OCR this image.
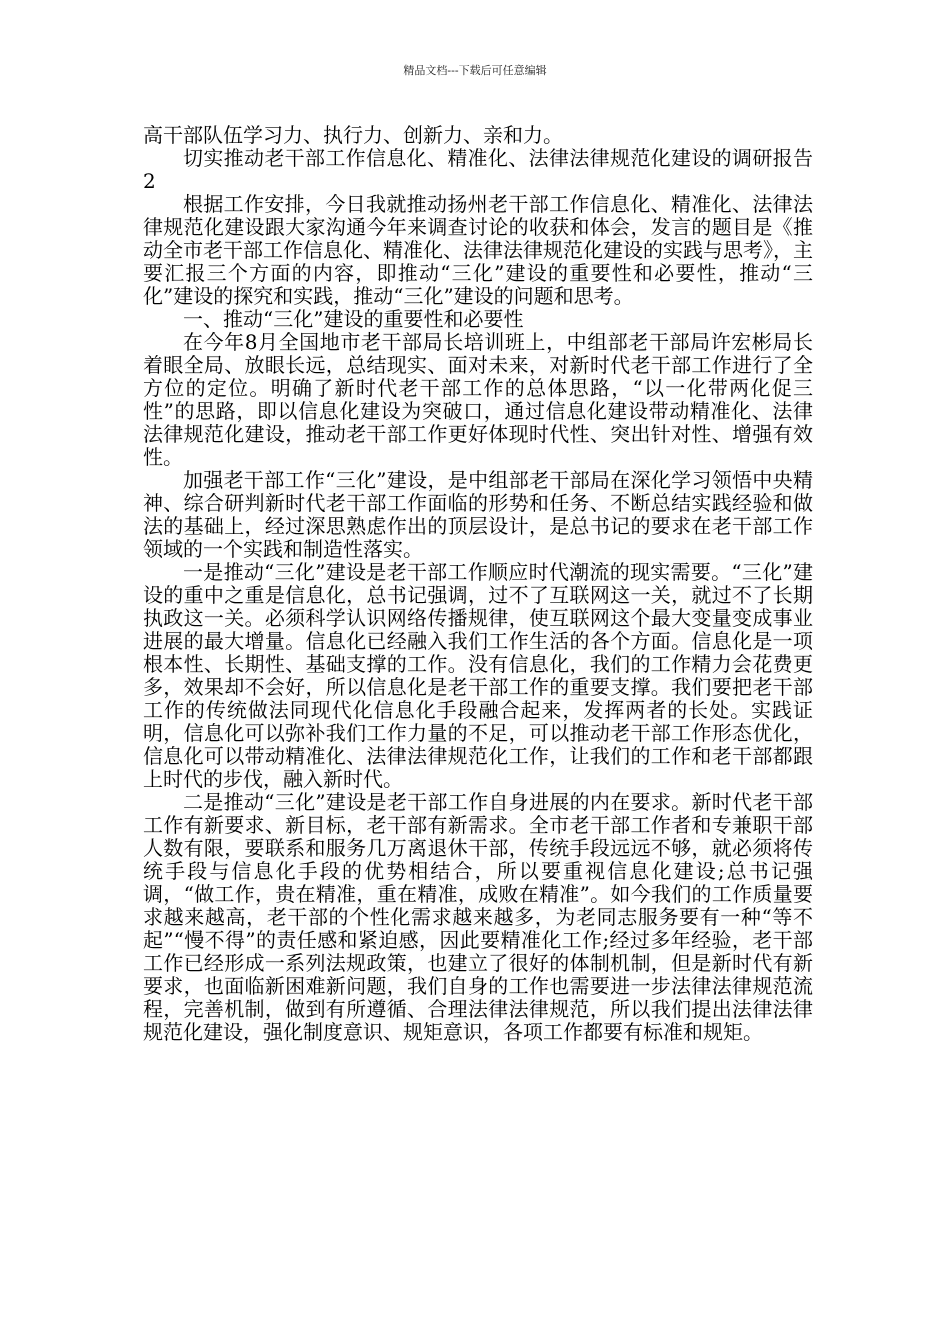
精品文档---下载后可任意编辑

高干部队伍学习力、执行力、创新力、亲和力。

切实推动老干部工作信息化、精准化、法律法律规范化建设的调研报告2

根据工作安排，今日我就推动扬州老干部工作信息化、精准化、法律法律规范化建设跟大家沟通今年来调查讨论的收获和体会，发言的题目是《推动全市老干部工作信息化、精准化、法律法律规范化建设的实践与思考》，主要汇报三个方面的内容，即推动“三化”建设的重要性和必要性，推动“三化”建设的探究和实践，推动“三化”建设的问题和思考。

一、推动“三化”建设的重要性和必要性

在今年8月全国地市老干部局长培训班上，中组部老干部局许宏彬局长着眼全局、放眼长远，总结现实、面对未来，对新时代老干部工作进行了全方位的定位。明确了新时代老干部工作的总体思路，“以一化带两化促三性”的思路，即以信息化建设为突破口，通过信息化建设带动精准化、法律法律规范化建设，推动老干部工作更好体现时代性、突出针对性、增强有效性。

加强老干部工作“三化”建设，是中组部老干部局在深化学习领悟中央精神、综合研判新时代老干部工作面临的形势和任务、不断总结实践经验和做法的基础上，经过深思熟虑作出的顶层设计，是总书记的要求在老干部工作领域的一个实践和制造性落实。

一是推动“三化”建设是老干部工作顺应时代潮流的现实需要。“三化”建设的重中之重是信息化，总书记强调，过不了互联网这一关，就过不了长期执政这一关。必须科学认识网络传播规律，使互联网这个最大变量变成事业进展的最大增量。信息化已经融入我们工作生活的各个方面。信息化是一项根本性、长期性、基础支撑的工作。没有信息化，我们的工作精力会花费更多，效果却不会好，所以信息化是老干部工作的重要支撑。我们要把老干部工作的传统做法同现代化信息化手段融合起来，发挥两者的长处。实践证明，信息化可以弥补我们工作力量的不足，可以推动老干部工作形态优化，信息化可以带动精准化、法律法律规范化工作，让我们的工作和老干部都跟上时代的步伐，融入新时代。

二是推动“三化”建设是老干部工作自身进展的内在要求。新时代老干部工作有新要求、新目标，老干部有新需求。全市老干部工作者和专兼职干部人数有限，要联系和服务几万离退休干部，传统手段远远不够，就必须将传统手段与信息化手段的优势相结合，所以要重视信息化建设;总书记强调，“做工作，贵在精准，重在精准，成败在精准”。如今我们的工作质量要求越来越高，老干部的个性化需求越来越多，为老同志服务要有一种“等不起”“慢不得”的责任感和紧迫感，因此要精准化工作;经过多年经验，老干部工作已经形成一系列法规政策，也建立了很好的体制机制，但是新时代有新要求，也面临新困难新问题，我们自身的工作也需要进一步法律法律规范流程，完善机制，做到有所遵循、合理法律法律规范，所以我们提出法律法律规范化建设，强化制度意识、规矩意识，各项工作都要有标准和规矩。
